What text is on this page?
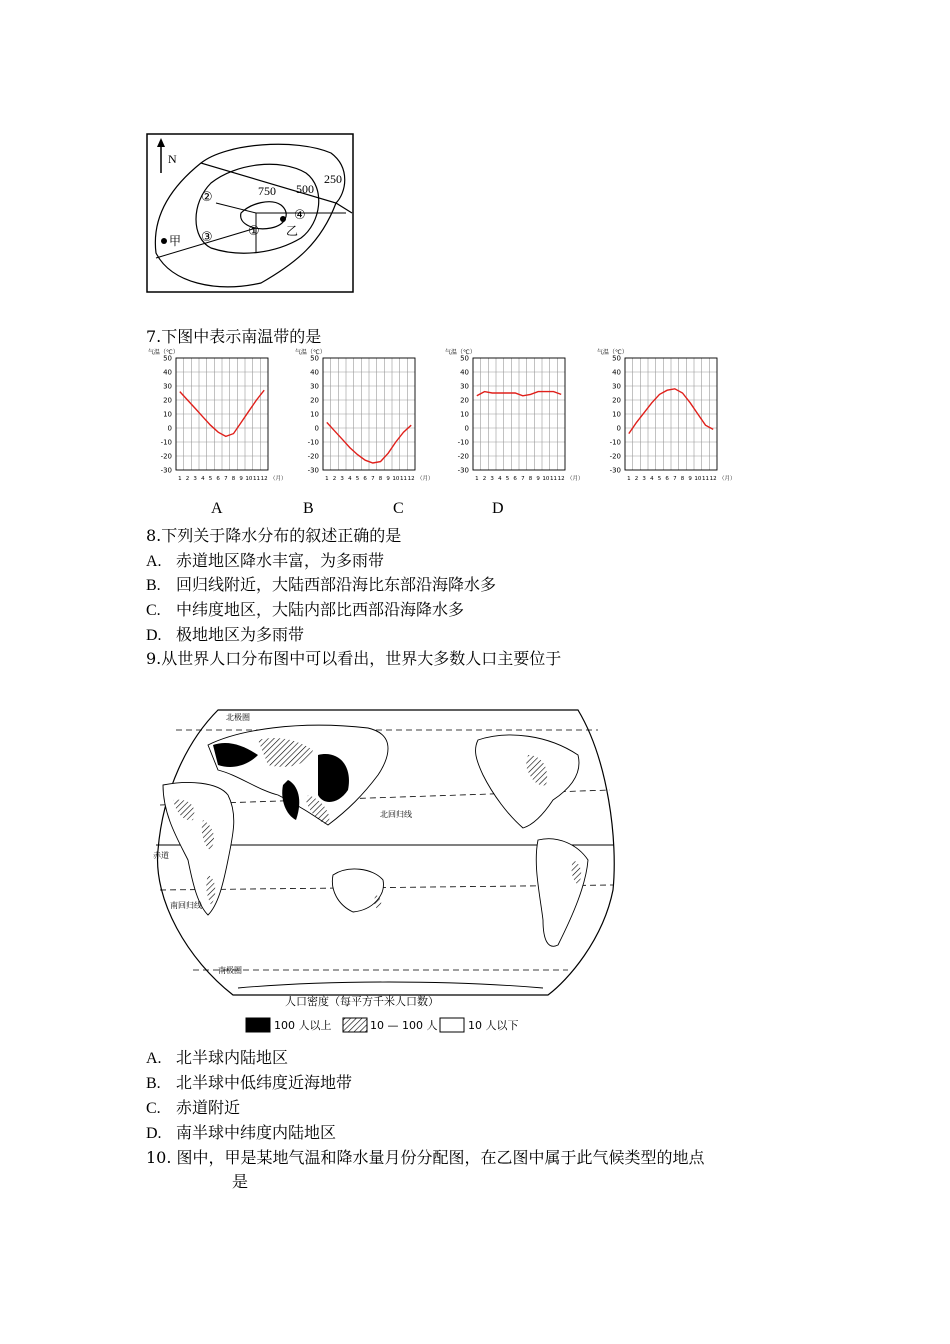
N
750 500
250
②
③	①
④
甲
乙
7.下图中表示南温带的是
气温（℃）
50
40
30
20
10
0
-10
-20
-30
1 2 3 4 5 6 7 8 9 10 11 12 （月）
气温（℃）
50
40
30
20
10
0
-10
-20
-30
1 2 3 4 5 6 7 8 9 10 11 12 （月）
气温（℃）
50
40
30
20
10
0
-10
-20
-30
1 2 3 4 5 6 7 8 9 10 11 12 （月）
气温（℃）
50
40
30
20
10
0
-10
-20
-30
1 2 3 4 5 6 7 8 9 10 11 12 （月）
A	B	C	D
8.下列关于降水分布的叙述正确的是
A. 赤道地区降水丰富，为多雨带
B. 回归线附近，大陆西部沿海比东部沿海降水多
C. 中纬度地区，大陆内部比西部沿海降水多
D. 极地地区为多雨带
9.从世界人口分布图中可以看出，世界大多数人口主要位于
北极圈
北回归线
赤道
南回归线
南极圈
人口密度（每平方千米人口数）
100 人以上	10 — 100 人	10 人以下
A. 北半球内陆地区
B. 北半球中低纬度近海地带
C. 赤道附近
D. 南半球中纬度内陆地区
10. 图中，甲是某地气温和降水量月份分配图，在乙图中属于此气候类型的地点
是
